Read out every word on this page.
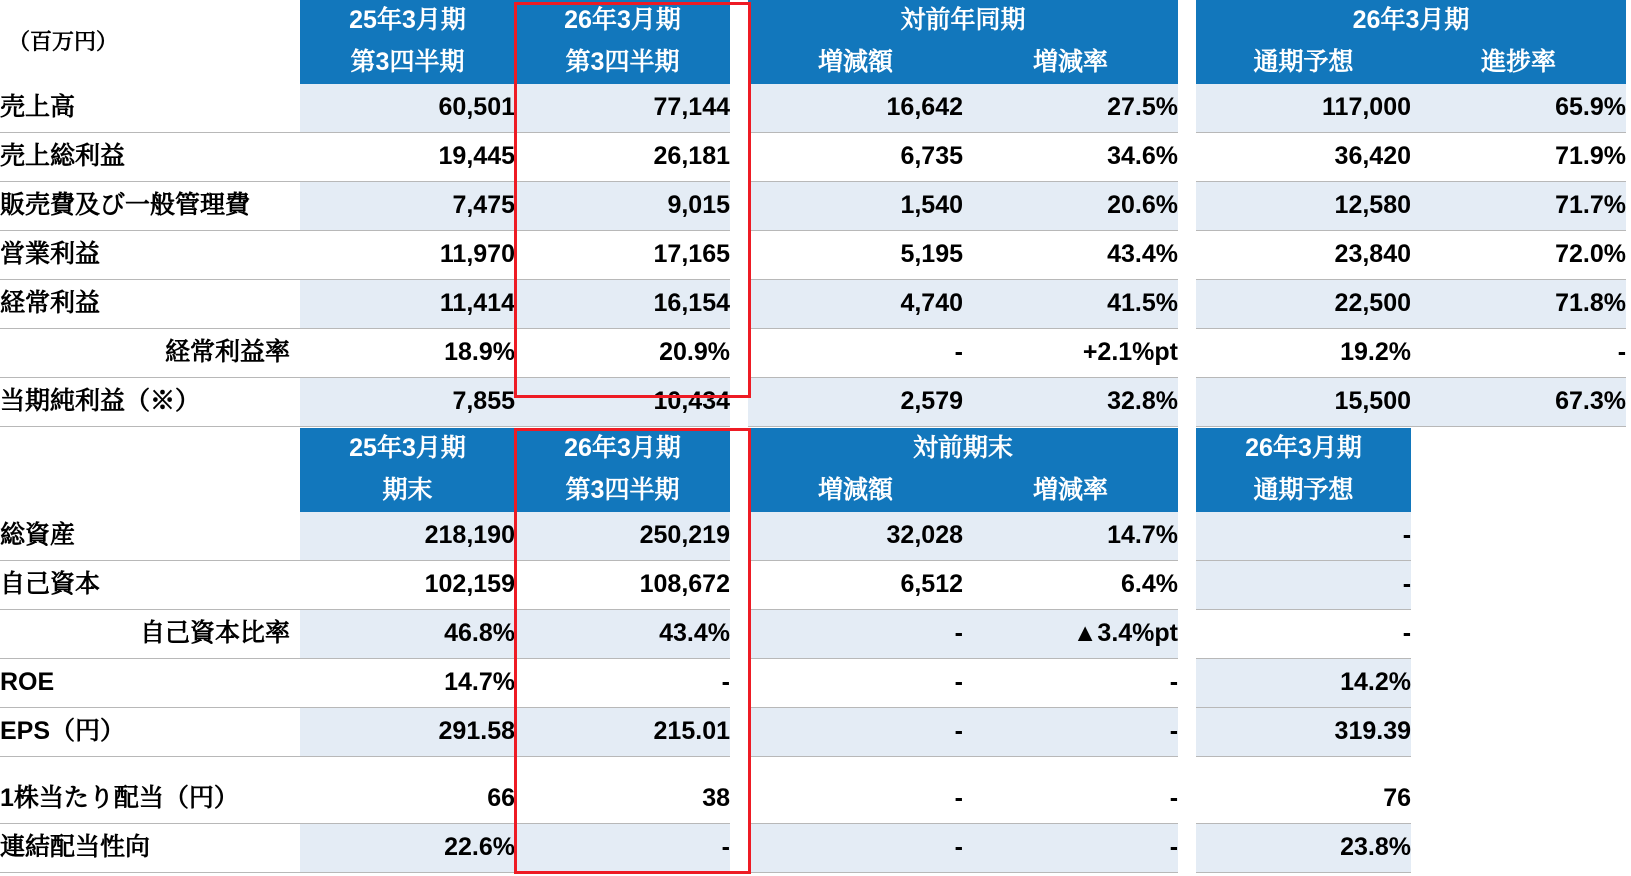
（百万円）	25年3月期	26年3月期		対前年同期			26年3月期	
	第3四半期	第3四半期		増減額	増減率		通期予想	進捗率
売上高	60,501	77,144		16,642	27.5%		117,000	65.9%
売上総利益	19,445	26,181		6,735	34.6%		36,420	71.9%
販売費及び一般管理費	7,475	9,015		1,540	20.6%		12,580	71.7%
営業利益	11,970	17,165		5,195	43.4%		23,840	72.0%
経常利益	11,414	16,154		4,740	41.5%		22,500	71.8%
経常利益率	18.9%	20.9%		-	+2.1%pt		19.2%	-
当期純利益（※）	7,855	10,434		2,579	32.8%		15,500	67.3%
	25年3月期	26年3月期		対前期末			26年3月期	
	期末	第3四半期		増減額	増減率		通期予想	
総資産	218,190	250,219		32,028	14.7%		-	
自己資本	102,159	108,672		6,512	6.4%		-	
自己資本比率	46.8%	43.4%		-	▲3.4%pt		-	
ROE	14.7%	-		-	-		14.2%	
EPS（円）	291.58	215.01		-	-		319.39	

1株当たり配当（円）	66	38		-	-		76	
連結配当性向	22.6%	-		-	-		23.8%	
